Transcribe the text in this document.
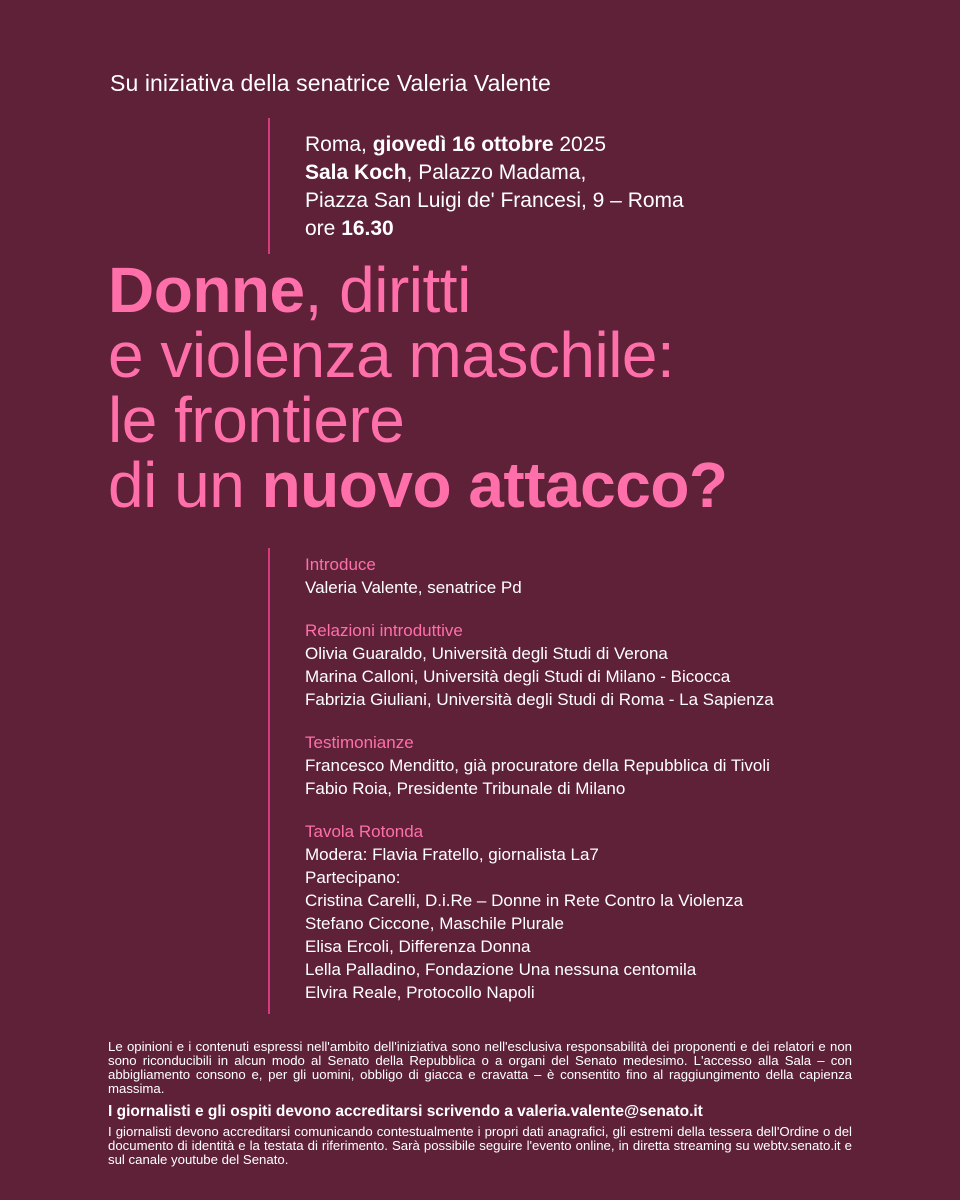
Su iniziativa della senatrice Valeria Valente
Roma, giovedì 16 ottobre 2025
Sala Koch, Palazzo Madama,
Piazza San Luigi de' Francesi, 9 – Roma
ore 16.30
Donne, diritti
e violenza maschile:
le frontiere
di un nuovo attacco?
Introduce
Valeria Valente, senatrice Pd
Relazioni introduttive
Olivia Guaraldo, Università degli Studi di Verona
Marina Calloni, Università degli Studi di Milano - Bicocca
Fabrizia Giuliani, Università degli Studi di Roma - La Sapienza
Testimonianze
Francesco Menditto, già procuratore della Repubblica di Tivoli
Fabio Roia, Presidente Tribunale di Milano
Tavola Rotonda
Modera: Flavia Fratello, giornalista La7
Partecipano:
Cristina Carelli, D.i.Re – Donne in Rete Contro la Violenza
Stefano Ciccone, Maschile Plurale
Elisa Ercoli, Differenza Donna
Lella Palladino, Fondazione Una nessuna centomila
Elvira Reale, Protocollo Napoli
Le opinioni e i contenuti espressi nell'ambito dell'iniziativa sono nell'esclusiva responsabilità dei proponenti e dei relatori e non sono riconducibili in alcun modo al Senato della Repubblica o a organi del Senato medesimo. L'accesso alla Sala – con abbigliamento consono e, per gli uomini, obbligo di giacca e cravatta – è consentito fino al raggiungimento della capienza massima.
I giornalisti e gli ospiti devono accreditarsi scrivendo a valeria.valente@senato.it
I giornalisti devono accreditarsi comunicando contestualmente i propri dati anagrafici, gli estremi della tessera dell'Ordine o del documento di identità e la testata di riferimento. Sarà possibile seguire l'evento online, in diretta streaming su webtv.senato.it e sul canale youtube del Senato.
